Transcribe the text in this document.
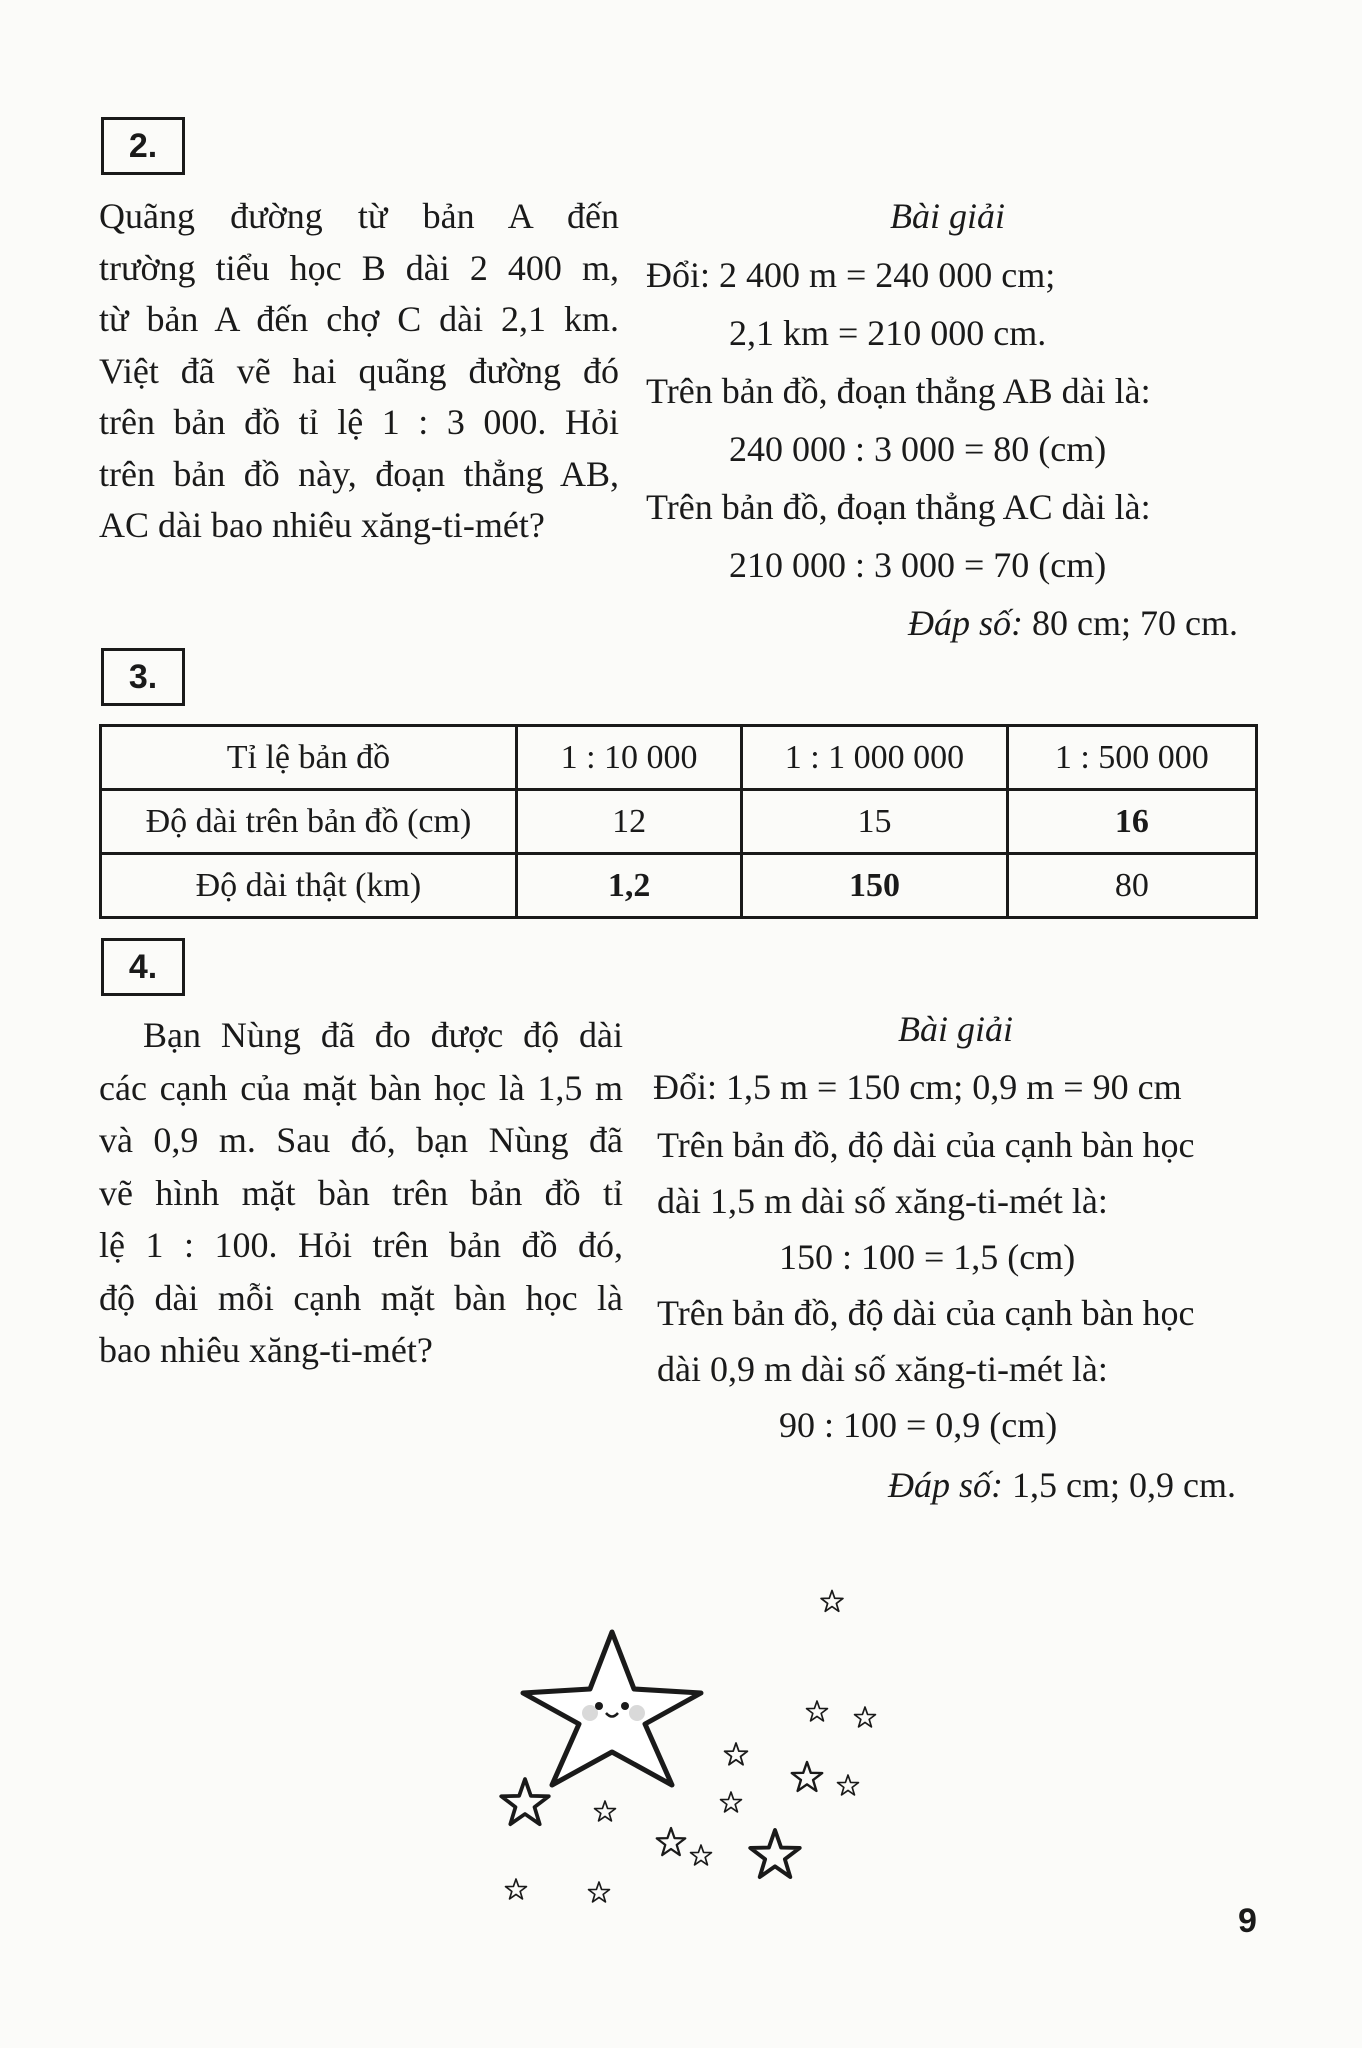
2.
Quãng đường từ bản A đến
trường tiểu học B dài 2 400 m,
từ bản A đến chợ C dài 2,1 km.
Việt đã vẽ hai quãng đường đó
trên bản đồ tỉ lệ 1 : 3 000. Hỏi
trên bản đồ này, đoạn thẳng AB,
AC dài bao nhiêu xăng-ti-mét?
Bài giải
Đổi: 2 400 m = 240 000 cm;
2,1 km = 210 000 cm.
Trên bản đồ, đoạn thẳng AB dài là:
240 000 : 3 000 = 80 (cm)
Trên bản đồ, đoạn thẳng AC dài là:
210 000 : 3 000 = 70 (cm)
Đáp số: 80 cm; 70 cm.
3.
Tỉ lệ bản đồ	1 : 10 000	1 : 1 000 000	1 : 500 000
Độ dài trên bản đồ (cm)	12	15	16
Độ dài thật (km)	1,2	150	80
4.
Bạn Nùng đã đo được độ dài
các cạnh của mặt bàn học là 1,5 m
và 0,9 m. Sau đó, bạn Nùng đã
vẽ hình mặt bàn trên bản đồ tỉ
lệ 1 : 100. Hỏi trên bản đồ đó,
độ dài mỗi cạnh mặt bàn học là
bao nhiêu xăng-ti-mét?
Bài giải
Đổi: 1,5 m = 150 cm; 0,9 m = 90 cm
Trên bản đồ, độ dài của cạnh bàn học
dài 1,5 m dài số xăng-ti-mét là:
150 : 100 = 1,5 (cm)
Trên bản đồ, độ dài của cạnh bàn học
dài 0,9 m dài số xăng-ti-mét là:
90 : 100 = 0,9 (cm)
Đáp số: 1,5 cm; 0,9 cm.
9
